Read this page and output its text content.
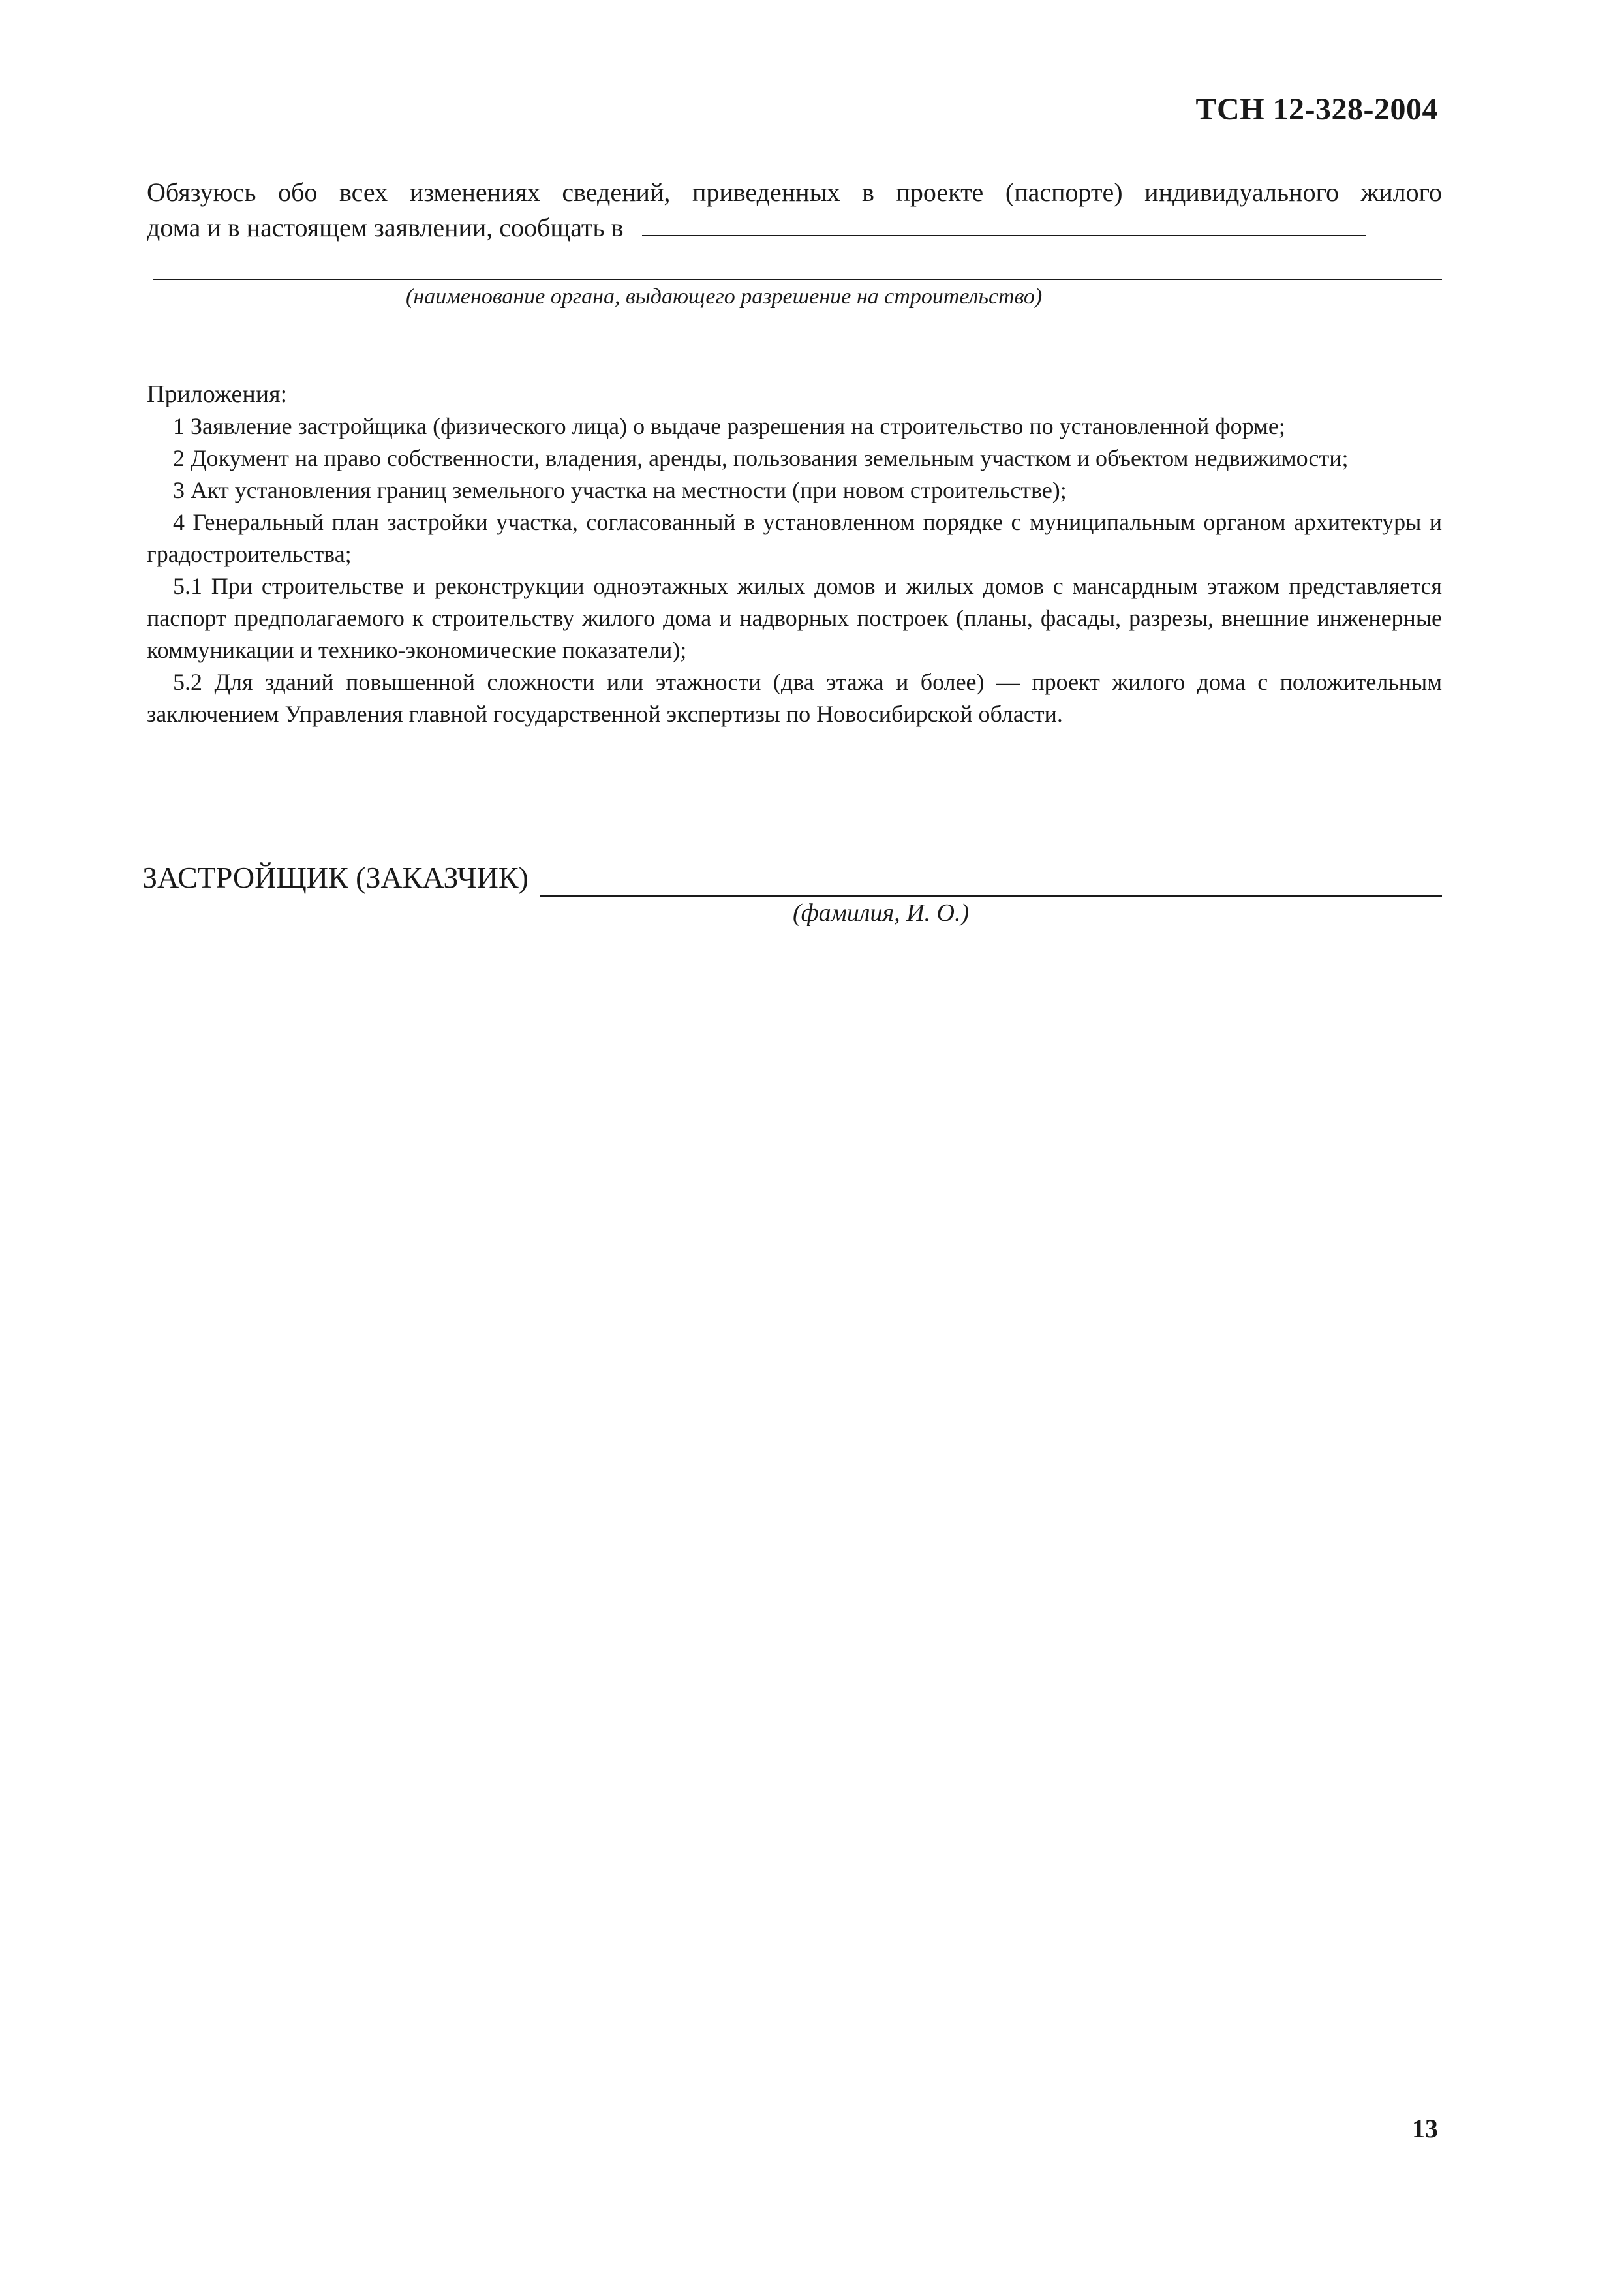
ТСН 12-328-2004
Обязуюсь обо всех изменениях сведений, приведенных в проекте (паспорте) индивидуального жилого
дома и в настоящем заявлении, сообщать в
(наименование органа, выдающего разрешение на строительство)
Приложения:

1 Заявление застройщика (физического лица) о выдаче разрешения на строительство по установленной форме;

2 Документ на право собственности, владения, аренды, пользования земельным участком и объектом недвижимости;

3 Акт установления границ земельного участка на местности (при новом строительстве);

4 Генеральный план застройки участка, согласованный в установленном порядке с муниципальным органом архитектуры и градостроительства;

5.1 При строительстве и реконструкции одноэтажных жилых домов и жилых домов с мансардным этажом представляется паспорт предполагаемого к строительству жилого дома и надворных построек (планы, фасады, разрезы, внешние инженерные коммуникации и технико-экономические показатели);

5.2 Для зданий повышенной сложности или этажности (два этажа и более) — проект жилого дома с положительным заключением Управления главной государственной экспертизы по Новосибирской области.

ЗАСТРОЙЩИК (ЗАКАЗЧИК)
(фамилия, И. О.)
13
